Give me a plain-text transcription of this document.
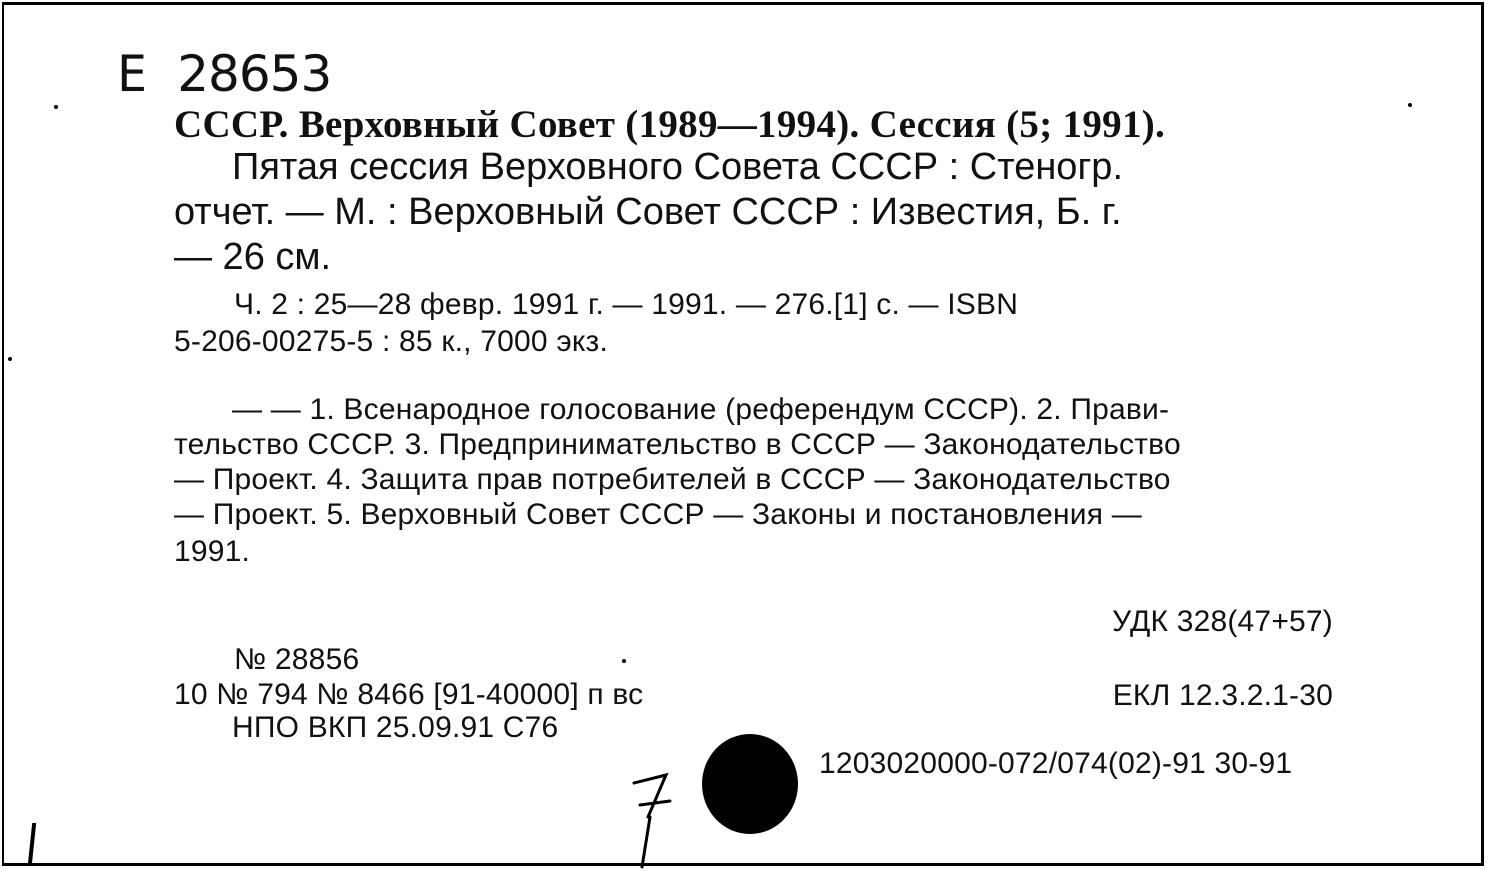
E 28653
СССР. Верховный Совет (1989—1994). Сессия (5; 1991).
Пятая сессия Верховного Совета СССР : Стеногр.
отчет. — М. : Верховный Совет СССР : Известия, Б. г.
— 26 см.
Ч. 2 : 25—28 февр. 1991 г. — 1991. — 276.[1] с. — ISBN
5-206-00275-5 : 85 к., 7000 экз.
— — 1. Всенародное голосование (референдум СССР). 2. Прави-
тельство СССР. 3. Предпринимательство в СССР — Законодательство
— Проект. 4. Защита прав потребителей в СССР — Законодательство
— Проект. 5. Верховный Совет СССР — Законы и постановления —
1991.
УДК 328(47+57)
ЕКЛ 12.3.2.1-30
1203020000-072/074(02)-91 30-91
№ 28856
10 № 794 № 8466 [91-40000] п вс
НПО ВКП 25.09.91 С76
